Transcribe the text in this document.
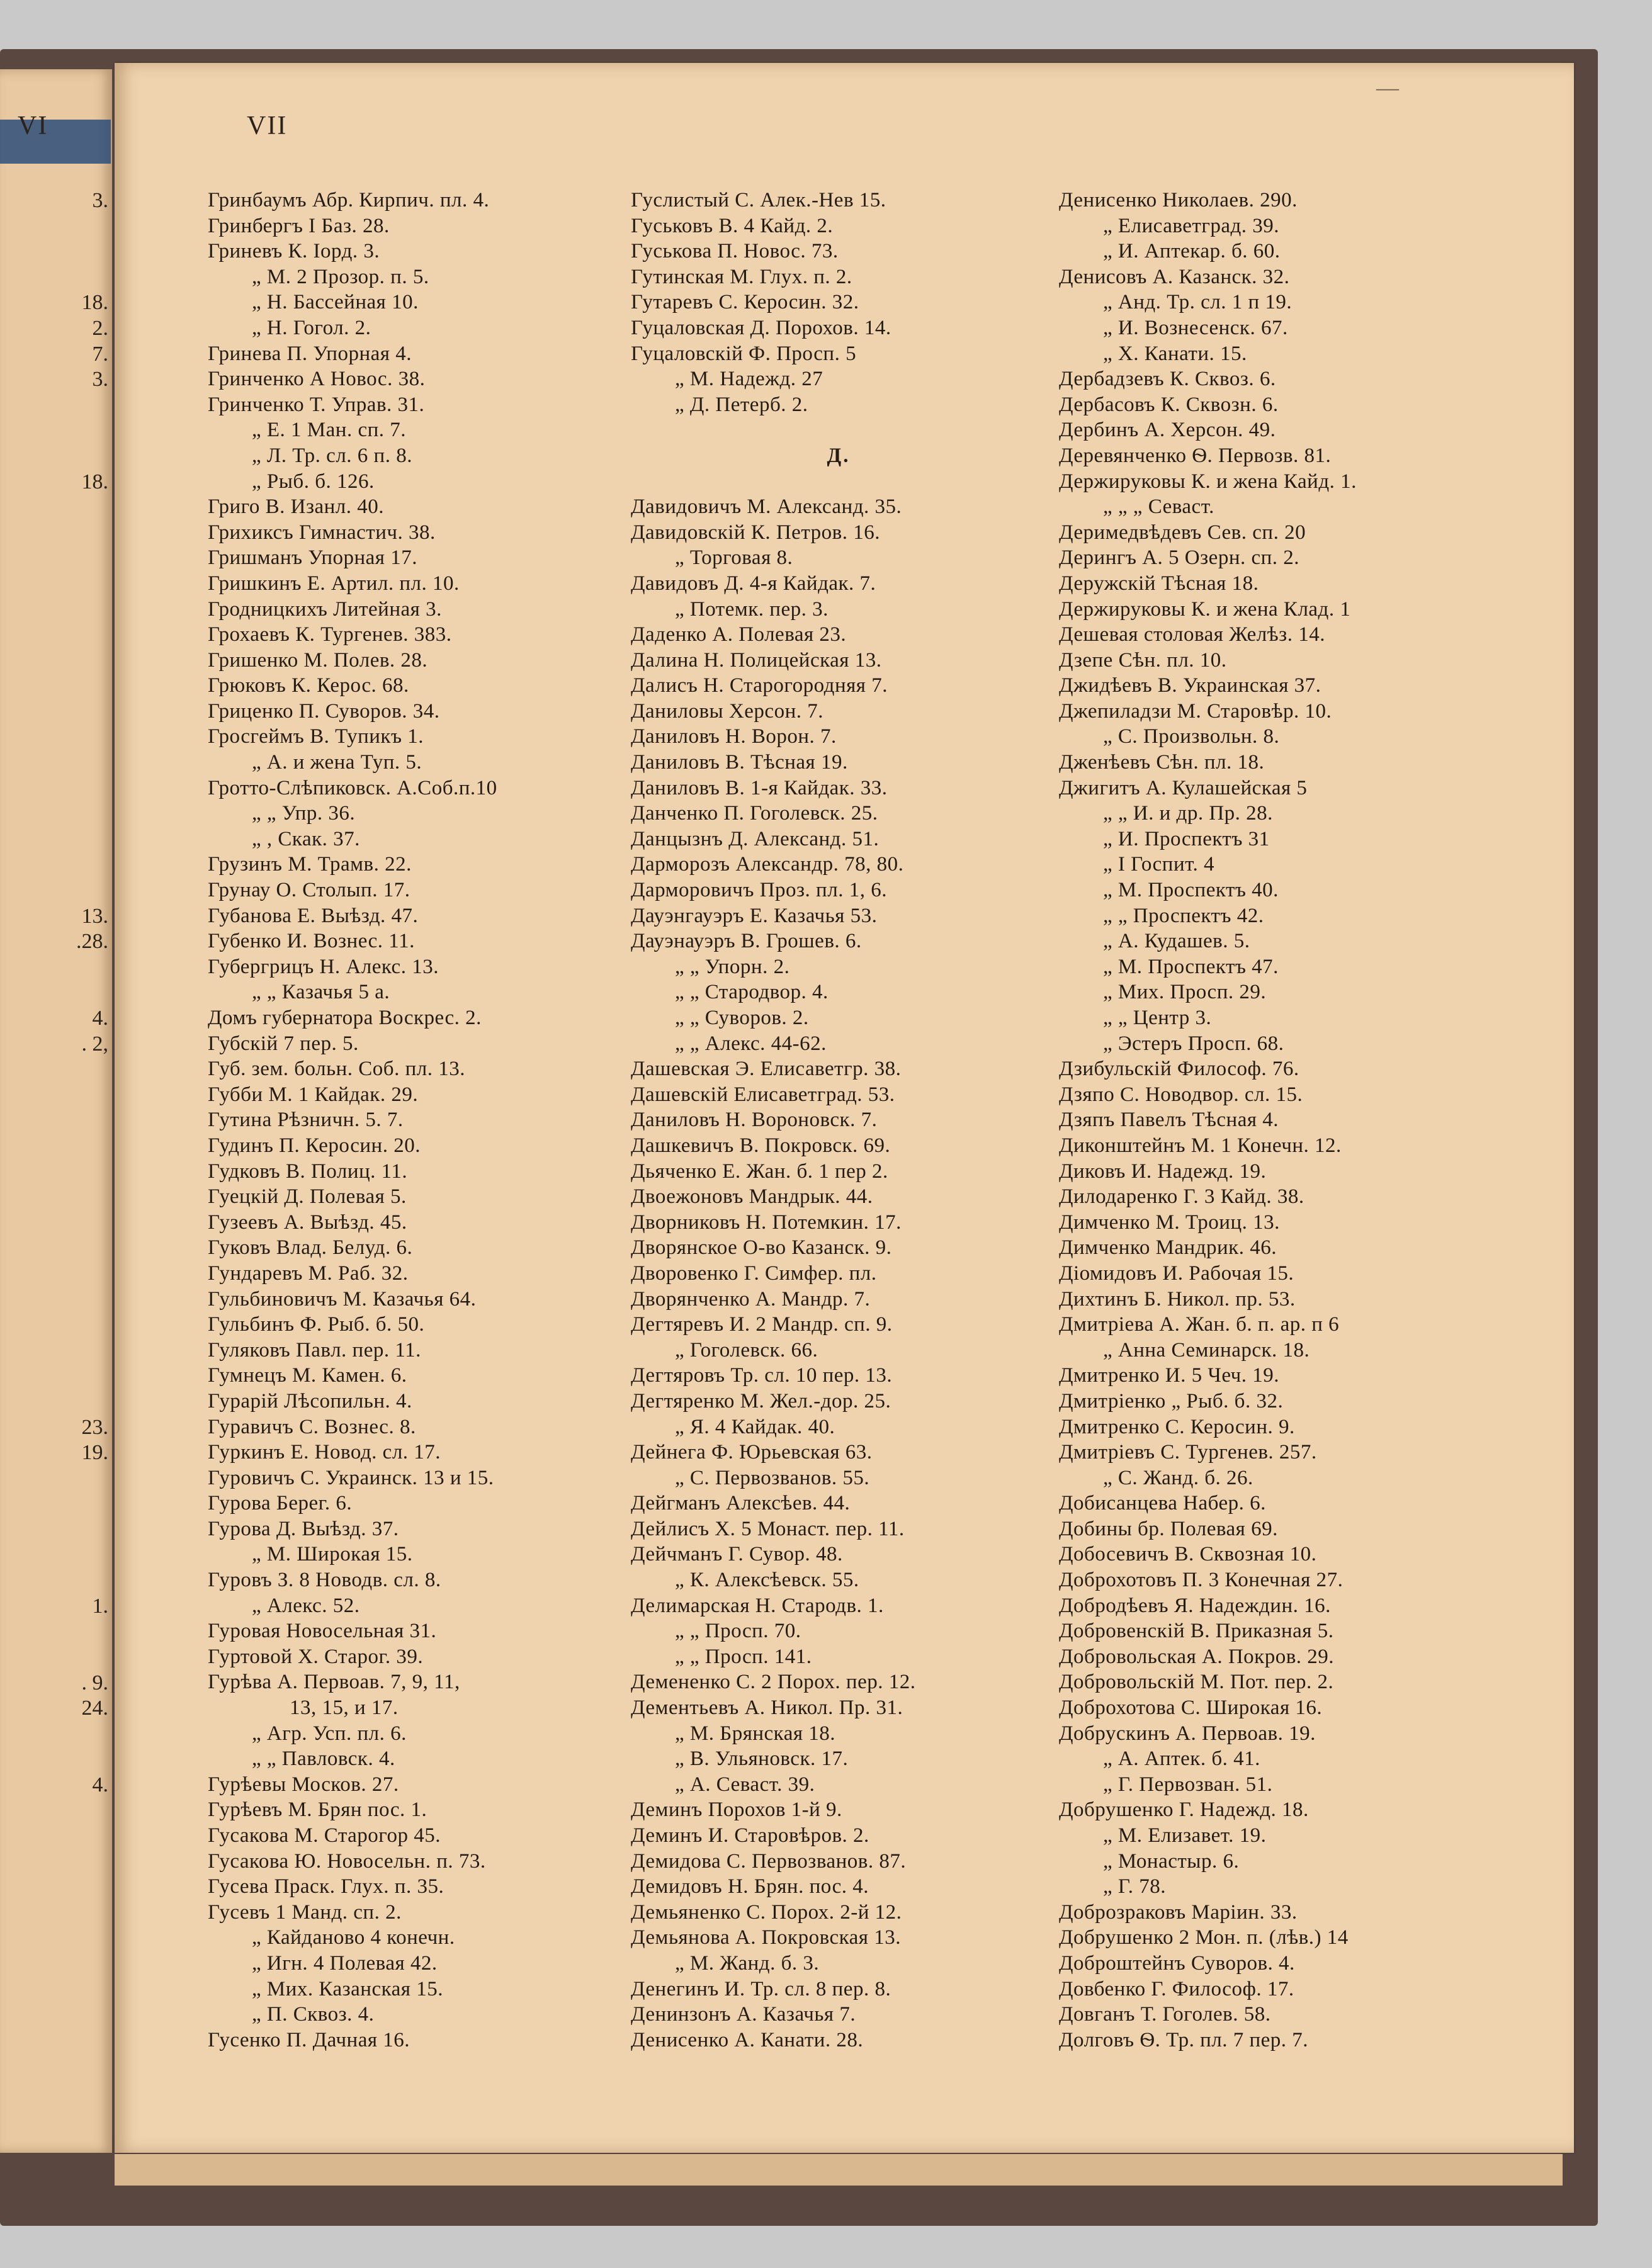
VI	VII
—
3.
18.
2.
7.
3.
18.
13.
.28.
4.
. 2,
23.
19.
1.
. 9.
24.
4.
Гринбаумъ Абр. Кирпич. пл. 4.
Гринбергъ I Баз. 28.
Гриневъ К. Іорд. 3.
„ М. 2 Прозор. п. 5.
„ Н. Бассейная 10.
„ Н. Гогол. 2.
Гринева П. Упорная 4.
Гринченко А Новос. 38.
Гринченко Т. Управ. 31.
„ Е. 1 Ман. сп. 7.
„ Л. Тр. сл. 6 п. 8.
„ Рыб. б. 126.
Григо В. Изанл. 40.
Грихиксъ Гимнастич. 38.
Гришманъ Упорная 17.
Гришкинъ Е. Артил. пл. 10.
Гродницкихъ Литейная 3.
Грохаевъ К. Тургенев. 383.
Гришенко М. Полев. 28.
Грюковъ К. Керос. 68.
Гриценко П. Суворов. 34.
Гросгеймъ В. Тупикъ 1.
„ А. и жена Туп. 5.
Гротто-Слѣпиковск. А.Соб.п.10
„ „ Упр. 36.
„ , Скак. 37.
Грузинъ М. Трамв. 22.
Грунау О. Столып. 17.
Губанова Е. Выѣзд. 47.
Губенко И. Вознес. 11.
Губергрицъ Н. Алекс. 13.
„ „ Казачья 5 а.
Домъ губернатора Воскрес. 2.
Губскій 7 пер. 5.
Губ. зем. больн. Соб. пл. 13.
Губби М. 1 Кайдак. 29.
Гутина Рѣзничн. 5. 7.
Гудинъ П. Керосин. 20.
Гудковъ В. Полиц. 11.
Гуецкій Д. Полевая 5.
Гузеевъ А. Выѣзд. 45.
Гуковъ Влад. Белуд. 6.
Гундаревъ М. Раб. 32.
Гульбиновичъ М. Казачья 64.
Гульбинъ Ф. Рыб. б. 50.
Гуляковъ Павл. пер. 11.
Гумнецъ М. Камен. 6.
Гурарій Лѣсопильн. 4.
Гуравичъ С. Вознес. 8.
Гуркинъ Е. Новод. сл. 17.
Гуровичъ С. Украинск. 13 и 15.
Гурова Берег. 6.
Гурова Д. Выѣзд. 37.
„ М. Широкая 15.
Гуровъ З. 8 Новодв. сл. 8.
„ Алекс. 52.
Гуровая Новосельная 31.
Гуртовой Х. Старог. 39.
Гурѣва А. Первоав. 7, 9, 11,
13, 15, и 17.
„ Агр. Усп. пл. 6.
„ „ Павловск. 4.
Гурѣевы Москов. 27.
Гурѣевъ М. Брян пос. 1.
Гусакова М. Старогор 45.
Гусакова Ю. Новосельн. п. 73.
Гусева Праск. Глух. п. 35.
Гусевъ 1 Манд. сп. 2.
„ Кайданово 4 конечн.
„ Игн. 4 Полевая 42.
„ Мих. Казанская 15.
„ П. Сквоз. 4.
Гусенко П. Дачная 16.
Гуслистый С. Алек.-Нев 15.
Гуськовъ В. 4 Кайд. 2.
Гуськова П. Новос. 73.
Гутинская М. Глух. п. 2.
Гутаревъ С. Керосин. 32.
Гуцаловская Д. Порохов. 14.
Гуцаловскій Ф. Просп. 5
„ М. Надежд. 27
„ Д. Петерб. 2.
Д.
Давидовичъ М. Александ. 35.
Давидовскій К. Петров. 16.
„ Торговая 8.
Давидовъ Д. 4-я Кайдак. 7.
„ Потемк. пер. 3.
Даденко А. Полевая 23.
Далина Н. Полицейская 13.
Далисъ Н. Старогородняя 7.
Даниловы Херсон. 7.
Даниловъ Н. Ворон. 7.
Даниловъ В. Тѣсная 19.
Даниловъ В. 1-я Кайдак. 33.
Данченко П. Гоголевск. 25.
Данцызнъ Д. Александ. 51.
Дарморозъ Александр. 78, 80.
Дарморовичъ Проз. пл. 1, 6.
Дауэнгауэръ Е. Казачья 53.
Дауэнауэръ В. Грошев. 6.
„ „ Упорн. 2.
„ „ Стародвор. 4.
„ „ Суворов. 2.
„ „ Алекс. 44-62.
Дашевская Э. Елисаветгр. 38.
Дашевскій Елисаветград. 53.
Даниловъ Н. Вороновск. 7.
Дашкевичъ В. Покровск. 69.
Дьяченко Е. Жан. б. 1 пер 2.
Двоежоновъ Мандрык. 44.
Дворниковъ Н. Потемкин. 17.
Дворянское О-во Казанск. 9.
Дворовенко Г. Симфер. пл.
Дворянченко А. Мандр. 7.
Дегтяревъ И. 2 Мандр. сп. 9.
„ Гоголевск. 66.
Дегтяровъ Тр. сл. 10 пер. 13.
Дегтяренко М. Жел.-дор. 25.
„ Я. 4 Кайдак. 40.
Дейнега Ф. Юрьевская 63.
„ С. Первозванов. 55.
Дейгманъ Алексѣев. 44.
Дейлисъ Х. 5 Монаст. пер. 11.
Дейчманъ Г. Сувор. 48.
„ К. Алексѣевск. 55.
Делимарская Н. Стародв. 1.
„ „ Просп. 70.
„ „ Просп. 141.
Демененко С. 2 Порох. пер. 12.
Дементьевъ А. Никол. Пр. 31.
„ М. Брянская 18.
„ В. Ульяновск. 17.
„ А. Севаст. 39.
Деминъ Порохов 1-й 9.
Деминъ И. Старовѣров. 2.
Демидова С. Первозванов. 87.
Демидовъ Н. Брян. пос. 4.
Демьяненко С. Порох. 2-й 12.
Демьянова А. Покровская 13.
„ М. Жанд. б. 3.
Денегинъ И. Тр. сл. 8 пер. 8.
Денинзонъ А. Казачья 7.
Денисенко А. Канати. 28.
Денисенко Николаев. 290.
„ Елисаветград. 39.
„ И. Аптекар. б. 60.
Денисовъ А. Казанск. 32.
„ Анд. Тр. сл. 1 п 19.
„ И. Вознесенск. 67.
„ Х. Канати. 15.
Дербадзевъ К. Сквоз. 6.
Дербасовъ К. Сквозн. 6.
Дербинъ А. Херсон. 49.
Деревянченко Ѳ. Первозв. 81.
Держируковы К. и жена Кайд. 1.
„ „ „ Севаст.
Деримедвѣдевъ Сев. сп. 20
Дерингъ А. 5 Озерн. сп. 2.
Деружскій Тѣсная 18.
Держируковы К. и жена Клад. 1
Дешевая столовая Желѣз. 14.
Дзепе Сѣн. пл. 10.
Джидѣевъ В. Украинская 37.
Джепиладзи М. Старовѣр. 10.
„ С. Произвольн. 8.
Дженѣевъ Сѣн. пл. 18.
Джигитъ А. Кулашейская 5
„ „ И. и др. Пр. 28.
„ И. Проспектъ 31
„ I Госпит. 4
„ М. Проспектъ 40.
„ „ Проспектъ 42.
„ А. Кудашев. 5.
„ М. Проспектъ 47.
„ Мих. Просп. 29.
„ „ Центр 3.
„ Эстеръ Просп. 68.
Дзибульскій Философ. 76.
Дзяпо С. Новодвор. сл. 15.
Дзяпъ Павелъ Тѣсная 4.
Диконштейнъ М. 1 Конечн. 12.
Диковъ И. Надежд. 19.
Дилодаренко Г. 3 Кайд. 38.
Димченко М. Троиц. 13.
Димченко Мандрик. 46.
Діомидовъ И. Рабочая 15.
Дихтинъ Б. Никол. пр. 53.
Дмитріева А. Жан. б. п. ар. п 6
„ Анна Семинарск. 18.
Дмитренко И. 5 Чеч. 19.
Дмитріенко „ Рыб. б. 32.
Дмитренко С. Керосин. 9.
Дмитріевъ С. Тургенев. 257.
„ С. Жанд. б. 26.
Добисанцева Набер. 6.
Добины бр. Полевая 69.
Добосевичъ В. Сквозная 10.
Доброхотовъ П. 3 Конечная 27.
Добродѣевъ Я. Надеждин. 16.
Добровенскій В. Приказная 5.
Добровольская А. Покров. 29.
Добровольскій М. Пот. пер. 2.
Доброхотова С. Широкая 16.
Добрускинъ А. Первоав. 19.
„ А. Аптек. б. 41.
„ Г. Первозван. 51.
Добрушенко Г. Надежд. 18.
„ М. Елизавет. 19.
„ Монастыр. 6.
„ Г. 78.
Доброзраковъ Маріин. 33.
Добрушенко 2 Мон. п. (лѣв.) 14
Доброштейнъ Суворов. 4.
Довбенко Г. Философ. 17.
Довганъ Т. Гоголев. 58.
Долговъ Ѳ. Тр. пл. 7 пер. 7.
